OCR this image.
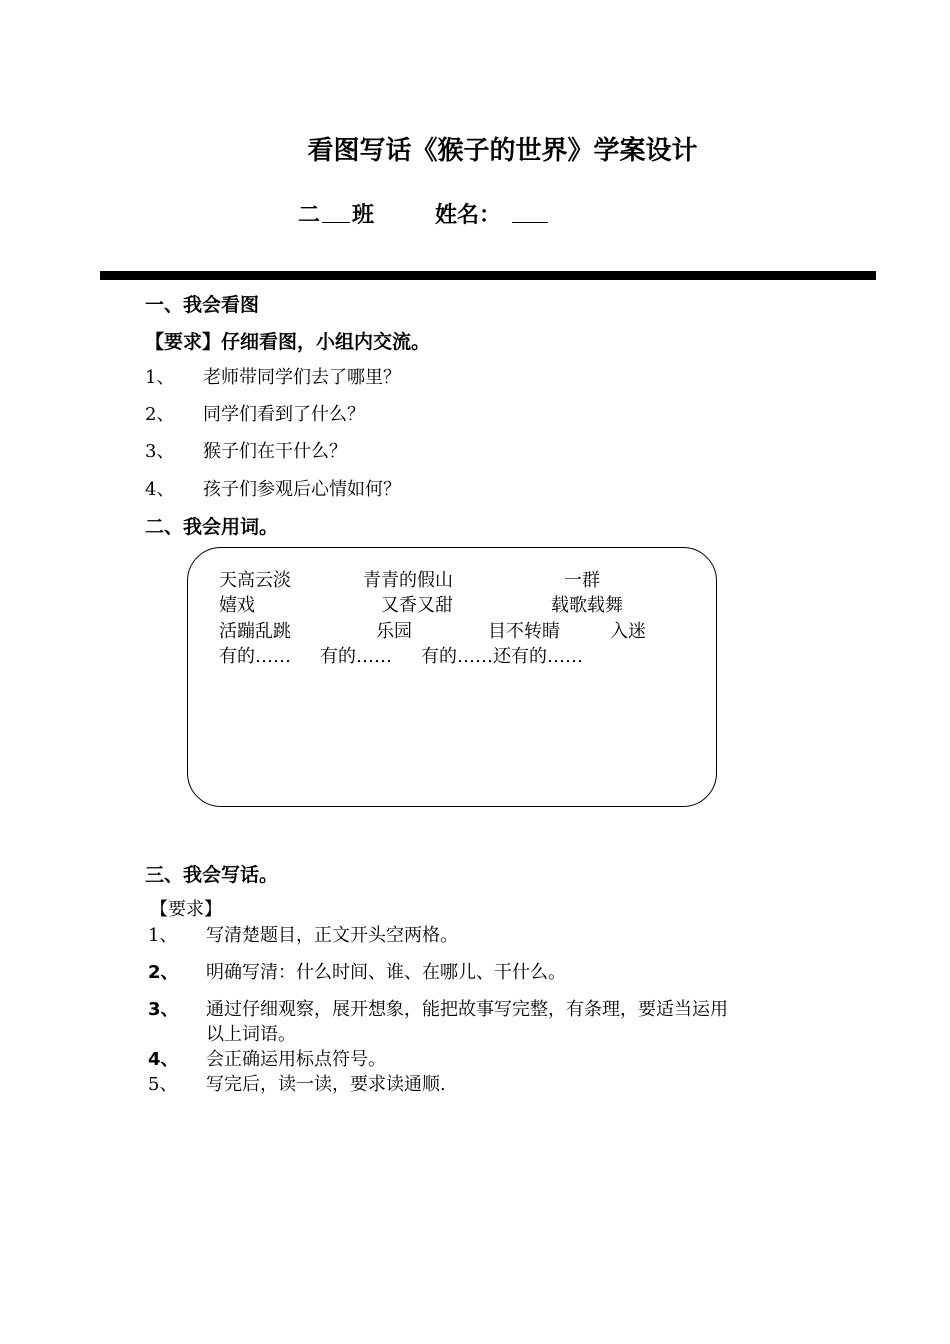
看图写话《猴子的世界》学案设计
二 班	姓名：
一、我会看图
【要求】仔细看图，小组内交流。
1、 老师带同学们去了哪里？
2、 同学们看到了什么？
3、 猴子们在干什么？
4、 孩子们参观后心情如何？
二、我会用词。
天高云淡	青青的假山	一群
嬉戏	又香又甜	载歌载舞
活蹦乱跳	乐园	目不转睛	入迷
有的…… 有的…… 有的……还有的……
三、我会写话。
【要求】
1、 写清楚题目，正文开头空两格。
2、 明确写清：什么时间、谁、在哪儿、干什么。
3、 通过仔细观察，展开想象，能把故事写完整，有条理，要适当运用
以上词语。
4、 会正确运用标点符号。
5、 写完后，读一读，要求读通顺.
